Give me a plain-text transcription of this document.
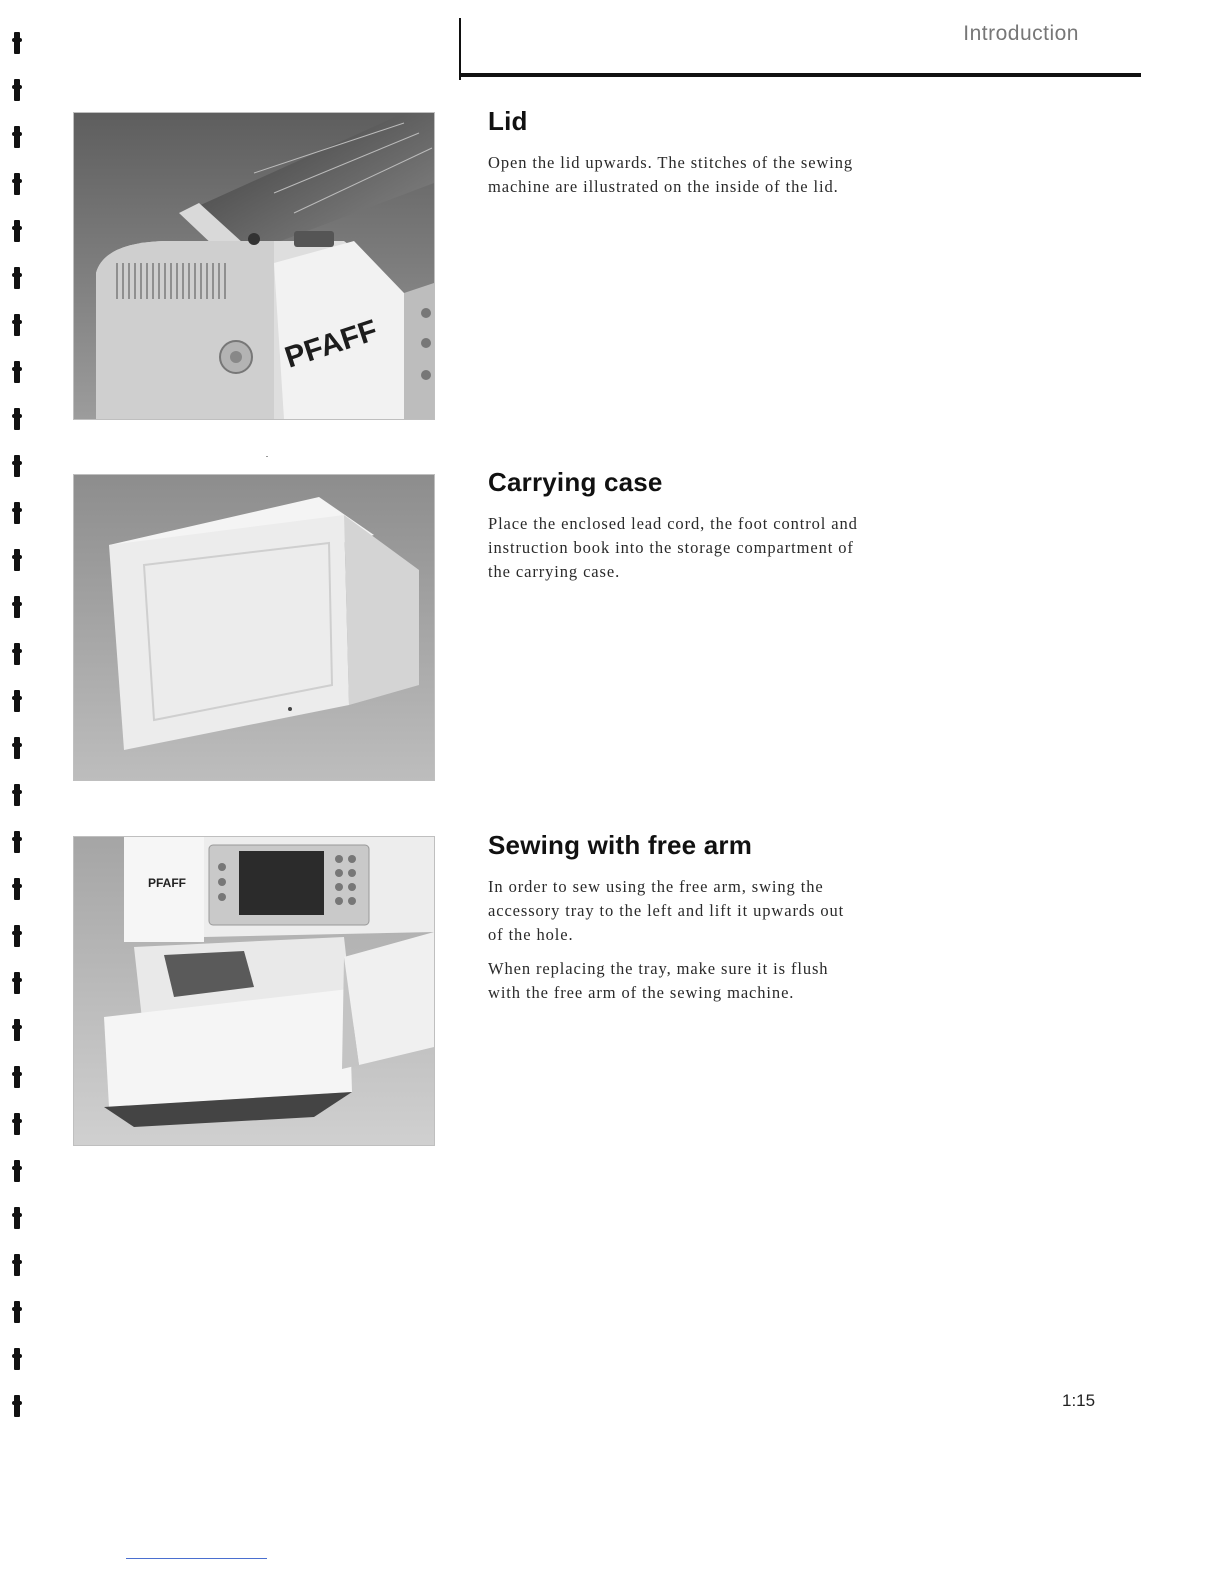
Introduction
PFAFF
PFAFF
Lid

Open the lid upwards. The stitches of the sewing machine are illustrated on the inside of the lid.

Carrying case

Place the enclosed lead cord, the foot control and instruction book into the storage compartment of the carrying case.

Sewing with free arm

In order to sew using the free arm, swing the accessory tray to the left and lift it upwards out of the hole.

When replacing the tray, make sure it is flush with the free arm of the sewing machine.

1:15
